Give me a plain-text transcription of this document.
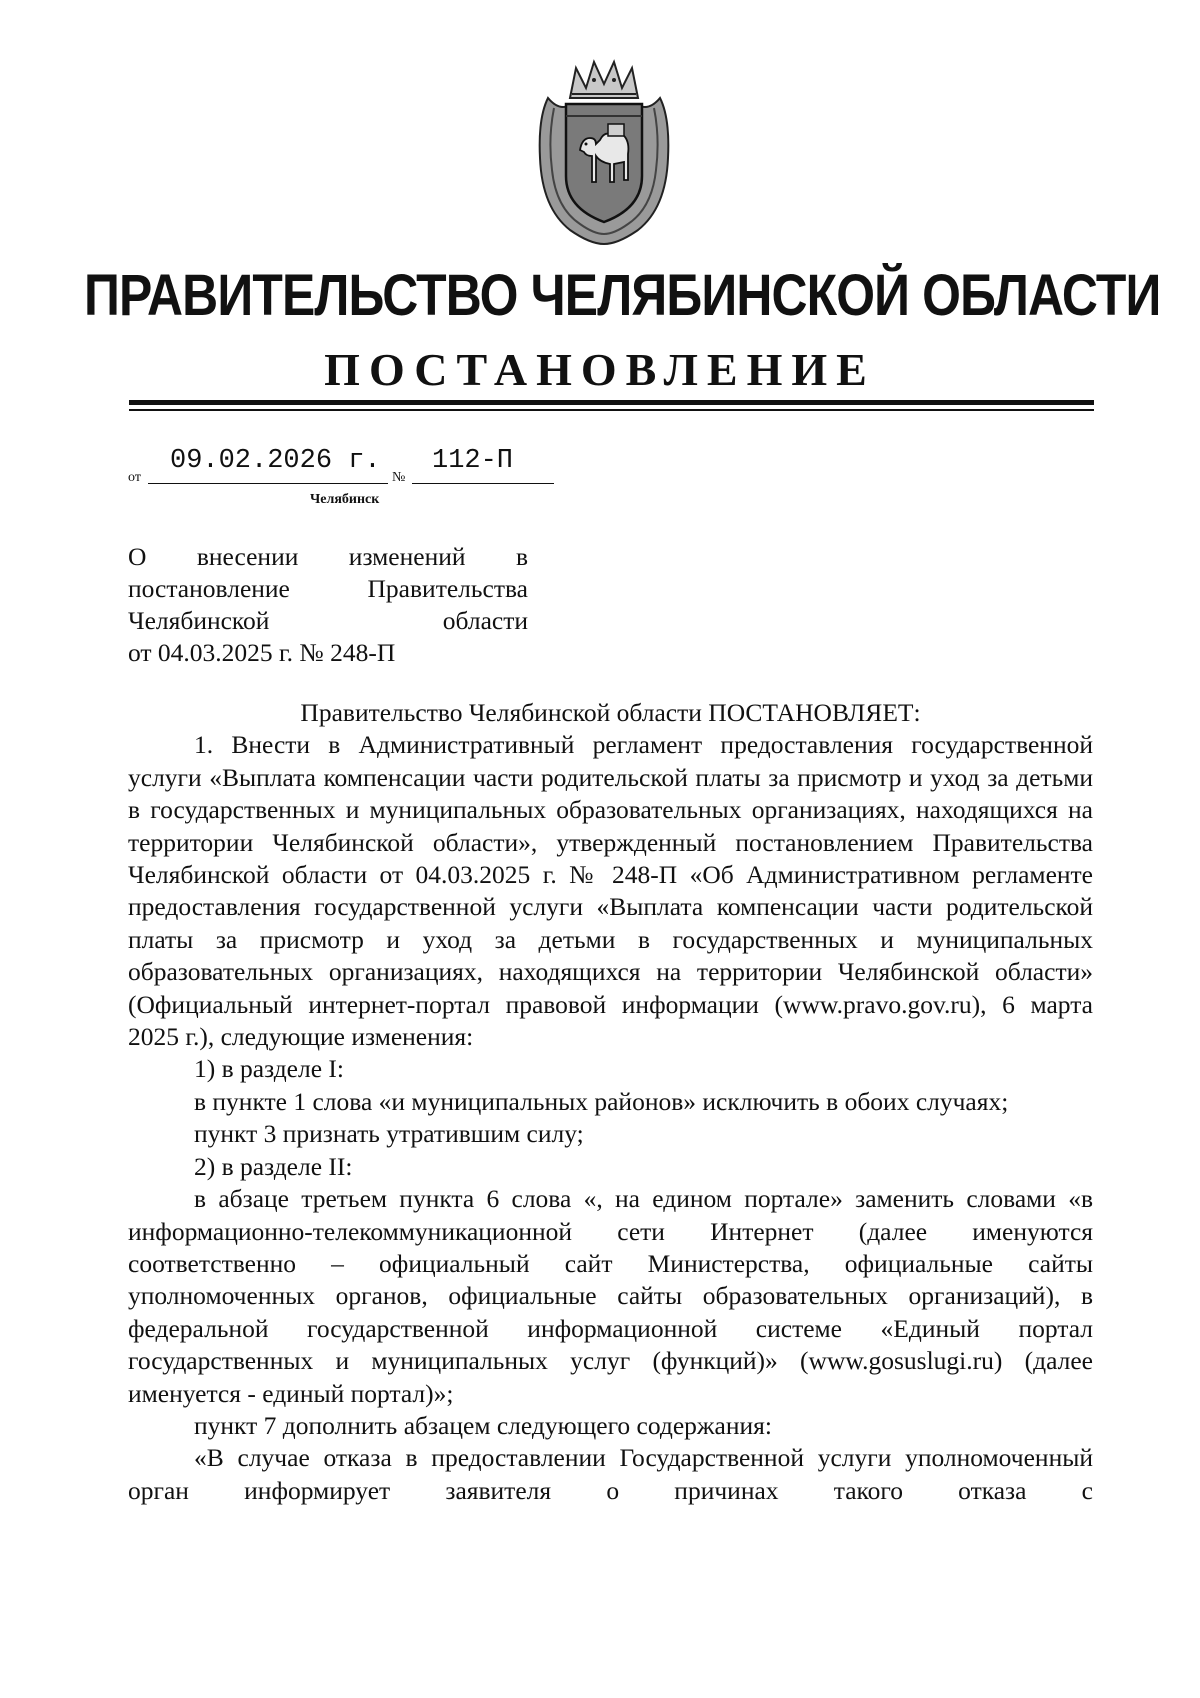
ПРАВИТЕЛЬСТВО ЧЕЛЯБИНСКОЙ ОБЛАСТИ
ПОСТАНОВЛЕНИЕ
от
09.02.2026 г.
№
112-П
Челябинск
О внесении изменений в
постановление Правительства
Челябинской области
от 04.03.2025 г. № 248-П

Правительство Челябинской области ПОСТАНОВЛЯЕТ:

1. Внести в Административный регламент предоставления государственной услуги «Выплата компенсации части родительской платы за присмотр и уход за детьми в государственных и муниципальных образовательных организациях, находящихся на территории Челябинской области», утвержденный постановлением Правительства Челябинской области от 04.03.2025 г. № 248-П «Об Административном регламенте предоставления государственной услуги «Выплата компенсации части родительской платы за присмотр и уход за детьми в государственных и муниципальных образовательных организациях, находящихся на территории Челябинской области» (Официальный интернет-портал правовой информации (www.pravo.gov.ru), 6 марта 2025 г.), следующие изменения:

1) в разделе I:

в пункте 1 слова «и муниципальных районов» исключить в обоих случаях;

пункт 3 признать утратившим силу;

2) в разделе II:

в абзаце третьем пункта 6 слова «, на едином портале» заменить словами «в информационно-телекоммуникационной сети Интернет (далее именуются соответственно – официальный сайт Министерства, официальные сайты уполномоченных органов, официальные сайты образовательных организаций), в федеральной государственной информационной системе «Единый портал государственных и муниципальных услуг (функций)» (www.gosuslugi.ru) (далее именуется - единый портал)»;

пункт 7 дополнить абзацем следующего содержания:

«В случае отказа в предоставлении Государственной услуги уполномоченный орган информирует заявителя о причинах такого отказа с
